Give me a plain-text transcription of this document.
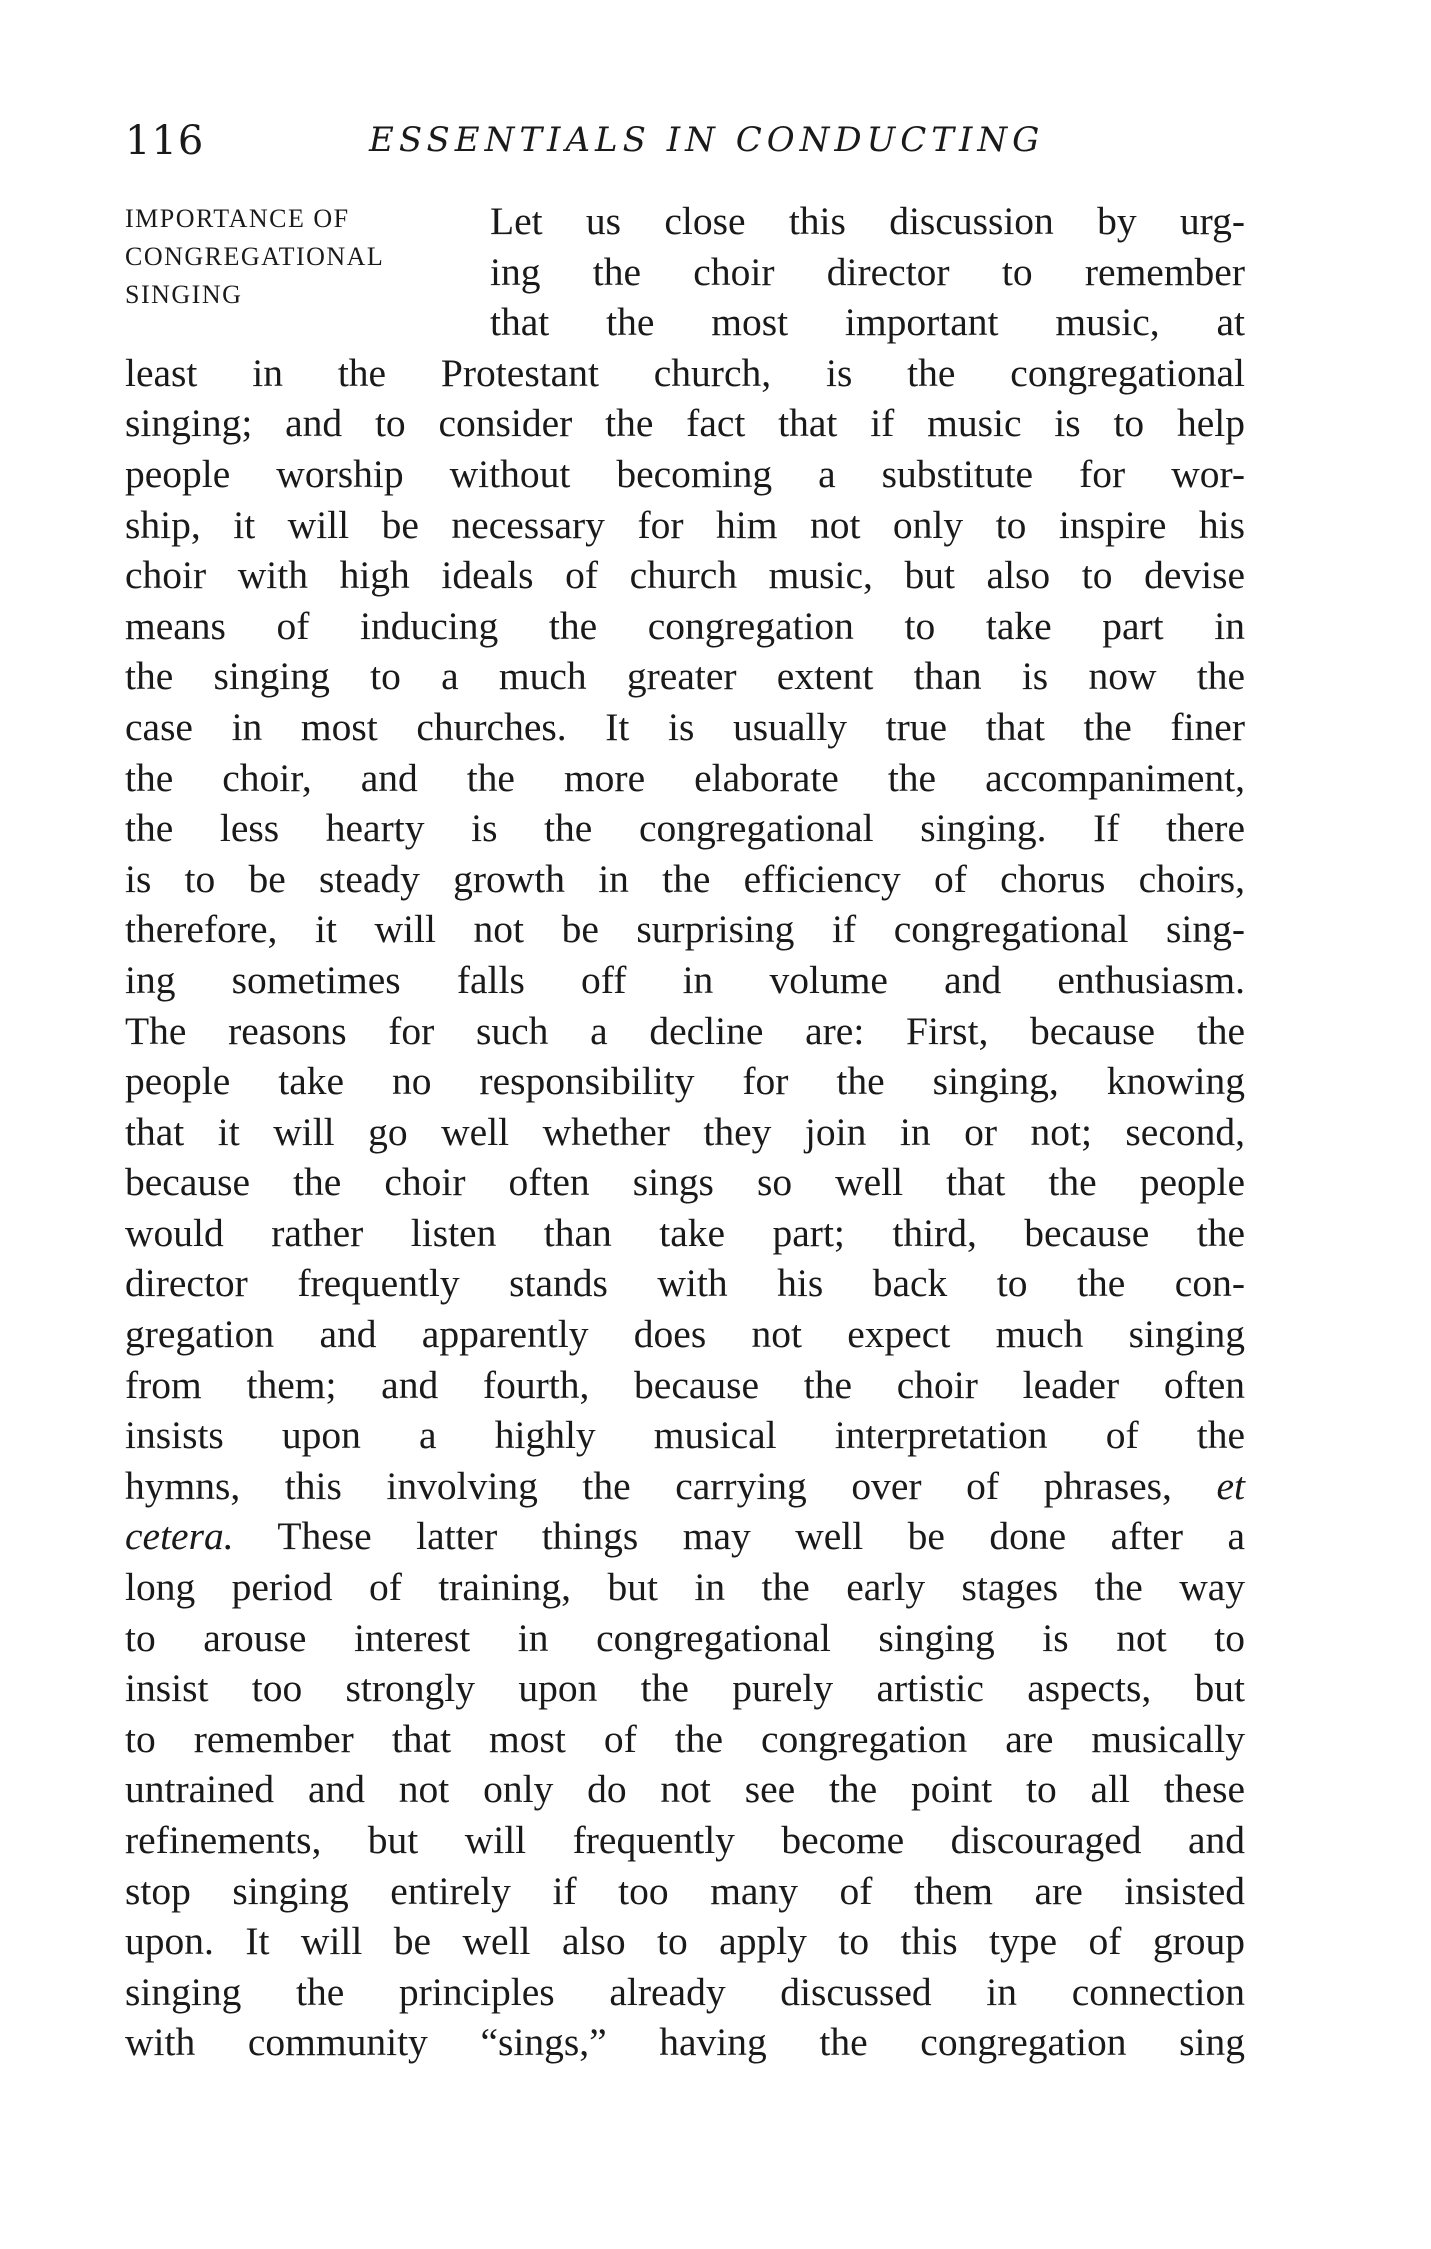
116	ESSENTIALS IN CONDUCTING
IMPORTANCE OF
CONGREGATIONAL
SINGING
Let us close this discussion by urg-
ing the choir director to remember
that the most important music, at
least in the Protestant church, is the congregational
singing; and to consider the fact that if music is to help
people worship without becoming a substitute for wor-
ship, it will be necessary for him not only to inspire his
choir with high ideals of church music, but also to devise
means of inducing the congregation to take part in
the singing to a much greater extent than is now the
case in most churches. It is usually true that the finer
the choir, and the more elaborate the accompaniment,
the less hearty is the congregational singing. If there
is to be steady growth in the efficiency of chorus choirs,
therefore, it will not be surprising if congregational sing-
ing sometimes falls off in volume and enthusiasm.
The reasons for such a decline are: First, because the
people take no responsibility for the singing, knowing
that it will go well whether they join in or not; second,
because the choir often sings so well that the people
would rather listen than take part; third, because the
director frequently stands with his back to the con-
gregation and apparently does not expect much singing
from them; and fourth, because the choir leader often
insists upon a highly musical interpretation of the
hymns, this involving the carrying over of phrases, et
cetera. These latter things may well be done after a
long period of training, but in the early stages the way
to arouse interest in congregational singing is not to
insist too strongly upon the purely artistic aspects, but
to remember that most of the congregation are musically
untrained and not only do not see the point to all these
refinements, but will frequently become discouraged and
stop singing entirely if too many of them are insisted
upon. It will be well also to apply to this type of group
singing the principles already discussed in connection
with community “sings,” having the congregation sing
